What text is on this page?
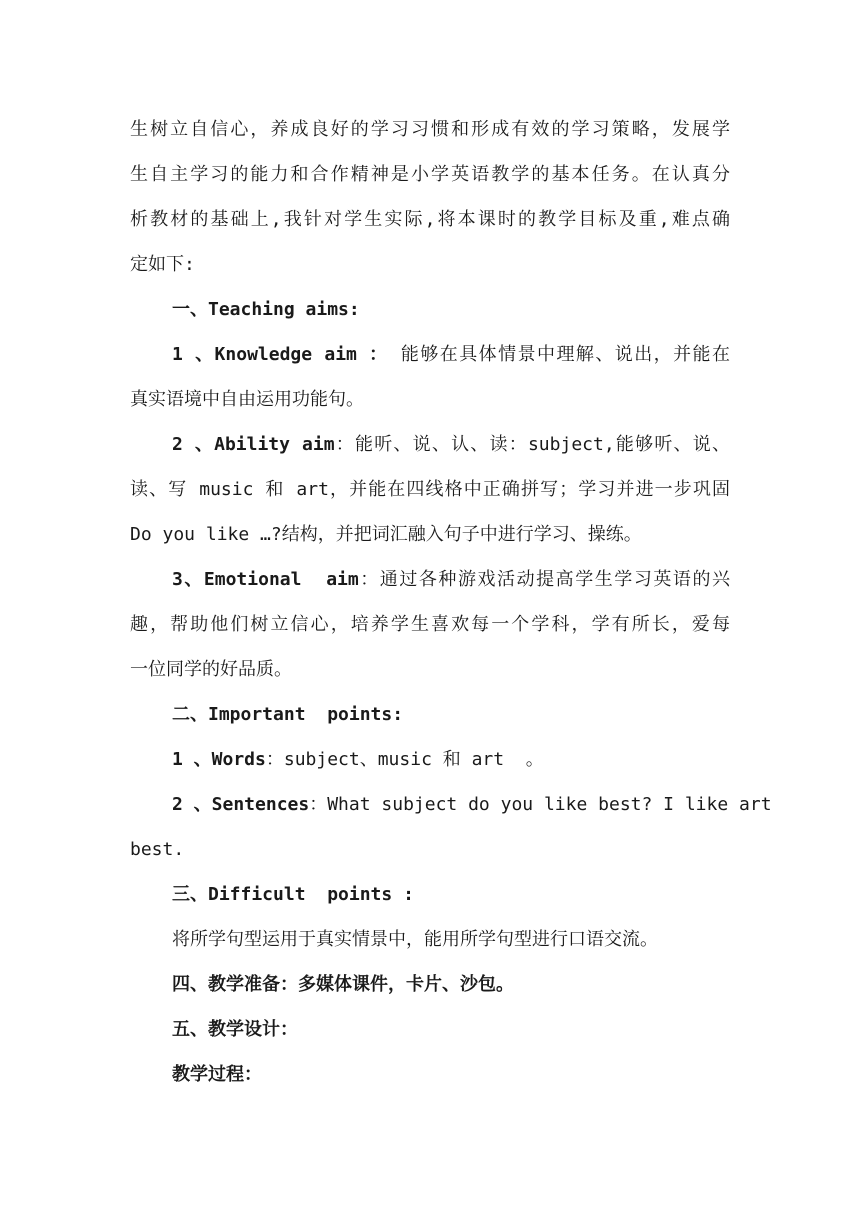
生树立自信心，养成良好的学习习惯和形成有效的学习策略，发展学
生自主学习的能力和合作精神是小学英语教学的基本任务。在认真分
析教材的基础上,我针对学生实际,将本课时的教学目标及重,难点确
定如下:
一、Teaching aims:
1 、Knowledge aim ： 能够在具体情景中理解、说出，并能在
真实语境中自由运用功能句。
2 、Ability aim：能听、说、认、读：subject,能够听、说、
读、写 music 和 art，并能在四线格中正确拼写；学习并进一步巩固
Do you like …?结构，并把词汇融入句子中进行学习、操练。
3、Emotional  aim：通过各种游戏活动提高学生学习英语的兴
趣，帮助他们树立信心，培养学生喜欢每一个学科，学有所长，爱每
一位同学的好品质。
二、Important  points:
1 、Words：subject、music 和 art  。
2 、Sentences：What subject do you like best? I like art
best.
三、Difficult  points :
将所学句型运用于真实情景中，能用所学句型进行口语交流。
四、教学准备：多媒体课件，卡片、沙包。
五、教学设计：
教学过程：
